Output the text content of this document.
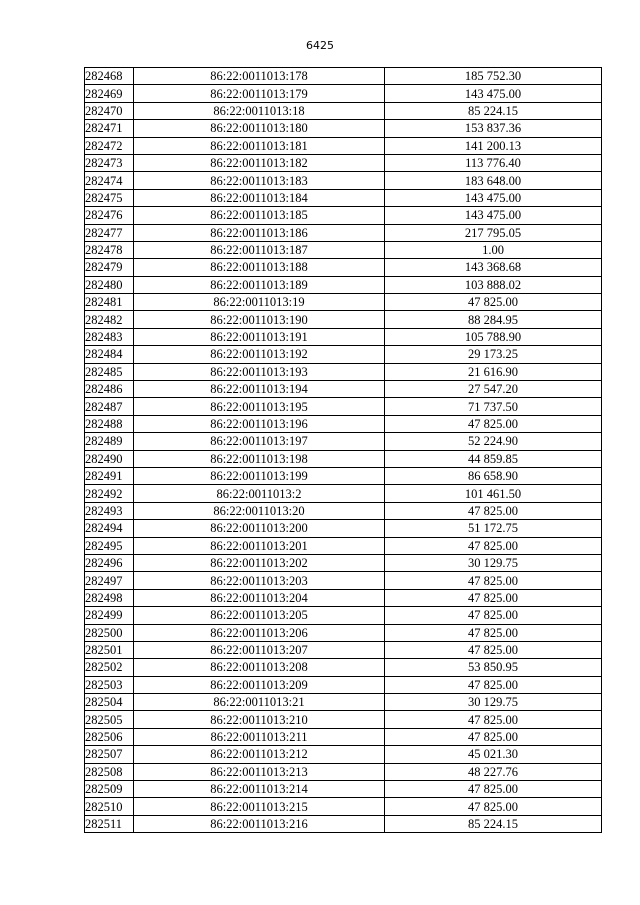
6425
282468	86:22:0011013:178	185 752.30
282469	86:22:0011013:179	143 475.00
282470	86:22:0011013:18	85 224.15
282471	86:22:0011013:180	153 837.36
282472	86:22:0011013:181	141 200.13
282473	86:22:0011013:182	113 776.40
282474	86:22:0011013:183	183 648.00
282475	86:22:0011013:184	143 475.00
282476	86:22:0011013:185	143 475.00
282477	86:22:0011013:186	217 795.05
282478	86:22:0011013:187	1.00
282479	86:22:0011013:188	143 368.68
282480	86:22:0011013:189	103 888.02
282481	86:22:0011013:19	47 825.00
282482	86:22:0011013:190	88 284.95
282483	86:22:0011013:191	105 788.90
282484	86:22:0011013:192	29 173.25
282485	86:22:0011013:193	21 616.90
282486	86:22:0011013:194	27 547.20
282487	86:22:0011013:195	71 737.50
282488	86:22:0011013:196	47 825.00
282489	86:22:0011013:197	52 224.90
282490	86:22:0011013:198	44 859.85
282491	86:22:0011013:199	86 658.90
282492	86:22:0011013:2	101 461.50
282493	86:22:0011013:20	47 825.00
282494	86:22:0011013:200	51 172.75
282495	86:22:0011013:201	47 825.00
282496	86:22:0011013:202	30 129.75
282497	86:22:0011013:203	47 825.00
282498	86:22:0011013:204	47 825.00
282499	86:22:0011013:205	47 825.00
282500	86:22:0011013:206	47 825.00
282501	86:22:0011013:207	47 825.00
282502	86:22:0011013:208	53 850.95
282503	86:22:0011013:209	47 825.00
282504	86:22:0011013:21	30 129.75
282505	86:22:0011013:210	47 825.00
282506	86:22:0011013:211	47 825.00
282507	86:22:0011013:212	45 021.30
282508	86:22:0011013:213	48 227.76
282509	86:22:0011013:214	47 825.00
282510	86:22:0011013:215	47 825.00
282511	86:22:0011013:216	85 224.15
